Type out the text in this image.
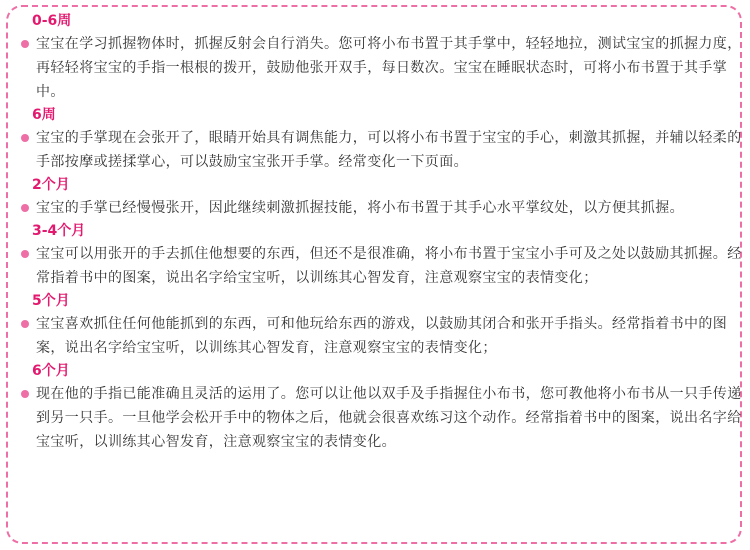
0-6周
宝宝在学习抓握物体时，抓握反射会自行消失。您可将小布书置于其手掌中，轻轻地拉，测试宝宝的抓握力度，再轻轻将宝宝的手指一根根的拨开，鼓励他张开双手，每日数次。宝宝在睡眠状态时，可将小布书置于其手掌中。
6周
宝宝的手掌现在会张开了，眼睛开始具有调焦能力，可以将小布书置于宝宝的手心，刺激其抓握，并辅以轻柔的手部按摩或搓揉掌心，可以鼓励宝宝张开手掌。经常变化一下页面。
2个月
宝宝的手掌已经慢慢张开，因此继续刺激抓握技能，将小布书置于其手心水平掌纹处，以方便其抓握。
3-4个月
宝宝可以用张开的手去抓住他想要的东西，但还不是很准确，将小布书置于宝宝小手可及之处以鼓励其抓握。经常指着书中的图案，说出名字给宝宝听，以训练其心智发育，注意观察宝宝的表情变化；
5个月
宝宝喜欢抓住任何他能抓到的东西，可和他玩给东西的游戏，以鼓励其闭合和张开手指头。经常指着书中的图案，说出名字给宝宝听，以训练其心智发育，注意观察宝宝的表情变化；
6个月
现在他的手指已能准确且灵活的运用了。您可以让他以双手及手指握住小布书，您可教他将小布书从一只手传递到另一只手。一旦他学会松开手中的物体之后，他就会很喜欢练习这个动作。经常指着书中的图案，说出名字给宝宝听，以训练其心智发育，注意观察宝宝的表情变化。
